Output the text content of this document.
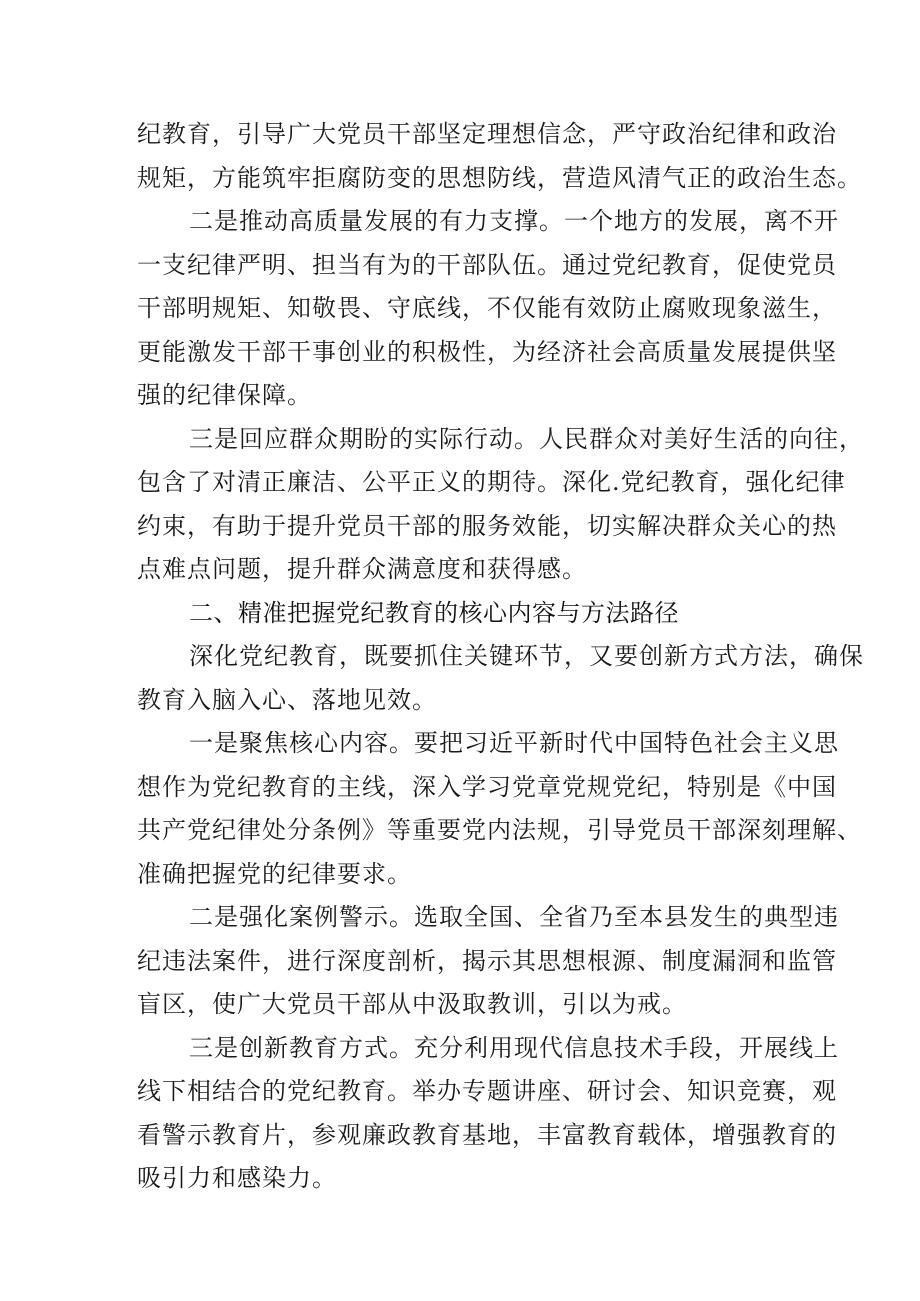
纪教育，引导广大党员干部坚定理想信念，严守政治纪律和政治
规矩，方能筑牢拒腐防变的思想防线，营造风清气正的政治生态。
二是推动高质量发展的有力支撑。一个地方的发展，离不开
一支纪律严明、担当有为的干部队伍。通过党纪教育，促使党员
干部明规矩、知敬畏、守底线，不仅能有效防止腐败现象滋生，
更能激发干部干事创业的积极性，为经济社会高质量发展提供坚
强的纪律保障。
三是回应群众期盼的实际行动。人民群众对美好生活的向往，
包含了对清正廉洁、公平正义的期待。深化.党纪教育，强化纪律
约束，有助于提升党员干部的服务效能，切实解决群众关心的热
点难点问题，提升群众满意度和获得感。
二、精准把握党纪教育的核心内容与方法路径
深化党纪教育，既要抓住关键环节，又要创新方式方法，确保
教育入脑入心、落地见效。
一是聚焦核心内容。要把习近平新时代中国特色社会主义思
想作为党纪教育的主线，深入学习党章党规党纪，特别是《中国
共产党纪律处分条例》等重要党内法规，引导党员干部深刻理解、
准确把握党的纪律要求。
二是强化案例警示。选取全国、全省乃至本县发生的典型违
纪违法案件，进行深度剖析，揭示其思想根源、制度漏洞和监管
盲区，使广大党员干部从中汲取教训，引以为戒。
三是创新教育方式。充分利用现代信息技术手段，开展线上
线下相结合的党纪教育。举办专题讲座、研讨会、知识竞赛，观
看警示教育片，参观廉政教育基地，丰富教育载体，增强教育的
吸引力和感染力。
